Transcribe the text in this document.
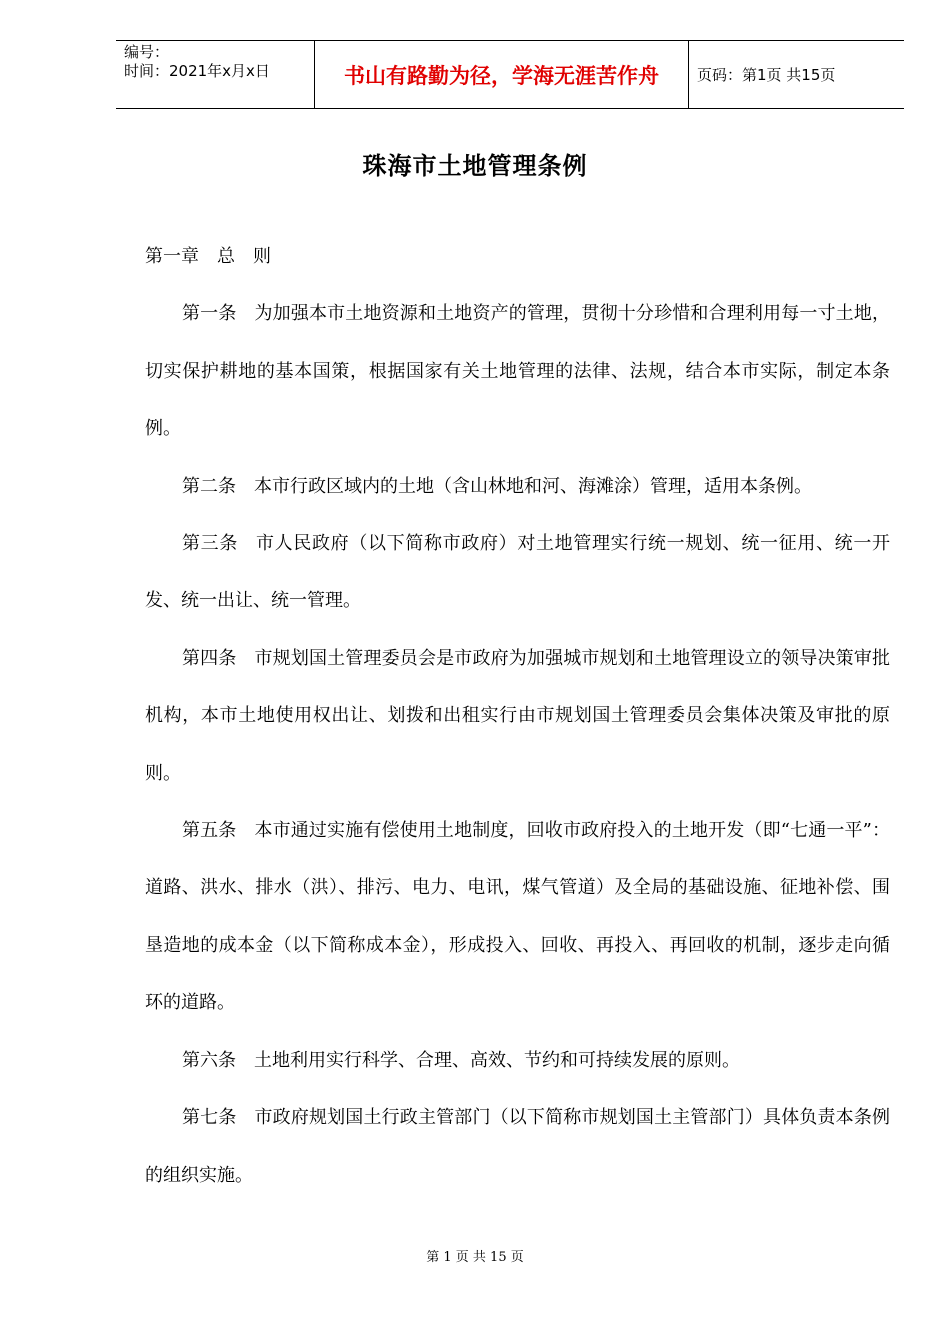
编号：
时间：2021年x月x日	书山有路勤为径，学海无涯苦作舟	页码：第1页 共15页
珠海市土地管理条例

第一章　总　则

第一条 为加强本市土地资源和土地资产的管理，贯彻十分珍惜和合理利用每一寸土地，切实保护耕地的基本国策，根据国家有关土地管理的法律、法规，结合本市实际，制定本条例。

第二条 本市行政区域内的土地（含山林地和河、海滩涂）管理，适用本条例。

第三条 市人民政府（以下简称市政府）对土地管理实行统一规划、统一征用、统一开发、统一出让、统一管理。

第四条 市规划国土管理委员会是市政府为加强城市规划和土地管理设立的领导决策审批机构，本市土地使用权出让、划拨和出租实行由市规划国土管理委员会集体决策及审批的原则。

第五条 本市通过实施有偿使用土地制度，回收市政府投入的土地开发（即“七通一平”：道路、洪水、排水（洪）、排污、电力、电讯，煤气管道）及全局的基础设施、征地补偿、围垦造地的成本金（以下简称成本金），形成投入、回收、再投入、再回收的机制，逐步走向循环的道路。

第六条 土地利用实行科学、合理、高效、节约和可持续发展的原则。

第七条 市政府规划国土行政主管部门（以下简称市规划国土主管部门）具体负责本条例的组织实施。

第 1 页 共 15 页
